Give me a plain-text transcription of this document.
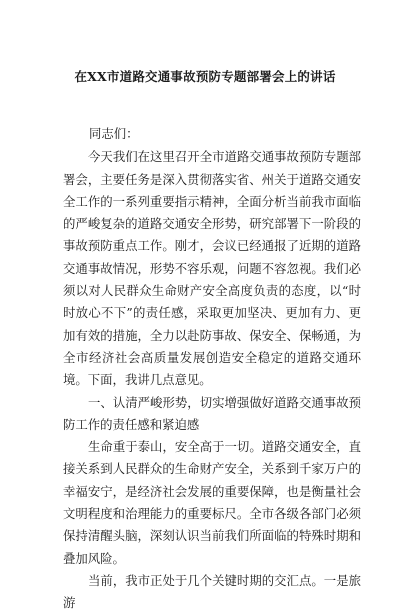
在XX市道路交通事故预防专题部署会上的讲话

同志们：

今天我们在这里召开全市道路交通事故预防专题部署会，主要任务是深入贯彻落实省、州关于道路交通安全工作的一系列重要指示精神，全面分析当前我市面临的严峻复杂的道路交通安全形势，研究部署下一阶段的事故预防重点工作。刚才，会议已经通报了近期的道路交通事故情况，形势不容乐观，问题不容忽视。我们必须以对人民群众生命财产安全高度负责的态度，以“时时放心不下”的责任感，采取更加坚决、更加有力、更加有效的措施，全力以赴防事故、保安全、保畅通，为全市经济社会高质量发展创造安全稳定的道路交通环境。下面，我讲几点意见。

一、认清严峻形势，切实增强做好道路交通事故预防工作的责任感和紧迫感

生命重于泰山，安全高于一切。道路交通安全，直接关系到人民群众的生命财产安全，关系到千家万户的幸福安宁，是经济社会发展的重要保障，也是衡量社会文明程度和治理能力的重要标尺。全市各级各部门必须保持清醒头脑，深刻认识当前我们所面临的特殊时期和叠加风险。

当前，我市正处于几个关键时期的交汇点。一是旅游
